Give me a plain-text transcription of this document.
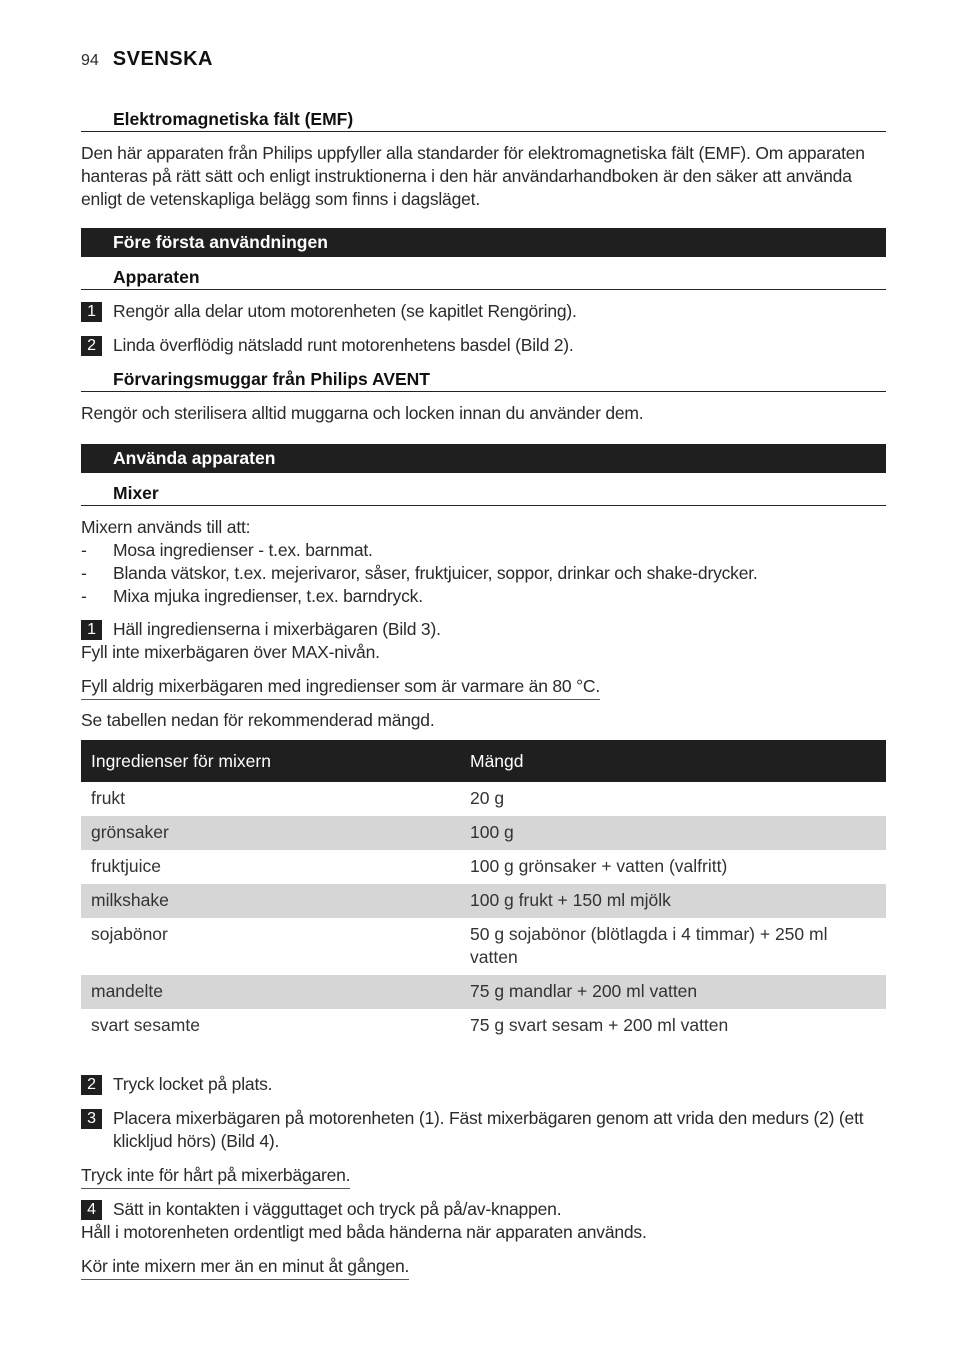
94 SVENSKA
Elektromagnetiska fält (EMF)
Den här apparaten från Philips uppfyller alla standarder för elektromagnetiska fält (EMF). Om apparaten hanteras på rätt sätt och enligt instruktionerna i den här användarhandboken är den säker att använda enligt de vetenskapliga belägg som finns i dagsläget.
Före första användningen
Apparaten
1 Rengör alla delar utom motorenheten (se kapitlet Rengöring).
2 Linda överflödig nätsladd runt motorenhetens basdel (Bild 2).
Förvaringsmuggar från Philips AVENT
Rengör och sterilisera alltid muggarna och locken innan du använder dem.
Använda apparaten
Mixer
Mixern används till att:
-	Mosa ingredienser - t.ex. barnmat.
-	Blanda vätskor, t.ex. mejerivaror, såser, fruktjuicer, soppor, drinkar och shake-drycker.
-	Mixa mjuka ingredienser, t.ex. barndryck.
1 Häll ingredienserna i mixerbägaren (Bild 3).
Fyll inte mixerbägaren över MAX-nivån.
Fyll aldrig mixerbägaren med ingredienser som är varmare än 80 °C.
Se tabellen nedan för rekommenderad mängd.
Ingredienser för mixern	Mängd
frukt	20 g
grönsaker	100 g
fruktjuice	100 g grönsaker + vatten (valfritt)
milkshake	100 g frukt + 150 ml mjölk
sojabönor	50 g sojabönor (blötlagda i 4 timmar) + 250 ml vatten
mandelte	75 g mandlar + 200 ml vatten
svart sesamte	75 g svart sesam + 200 ml vatten
2 Tryck locket på plats.
3 Placera mixerbägaren på motorenheten (1). Fäst mixerbägaren genom att vrida den medurs (2) (ett klickljud hörs) (Bild 4).
Tryck inte för hårt på mixerbägaren.
4 Sätt in kontakten i vägguttaget och tryck på på/av-knappen.
Håll i motorenheten ordentligt med båda händerna när apparaten används.
Kör inte mixern mer än en minut åt gången.
